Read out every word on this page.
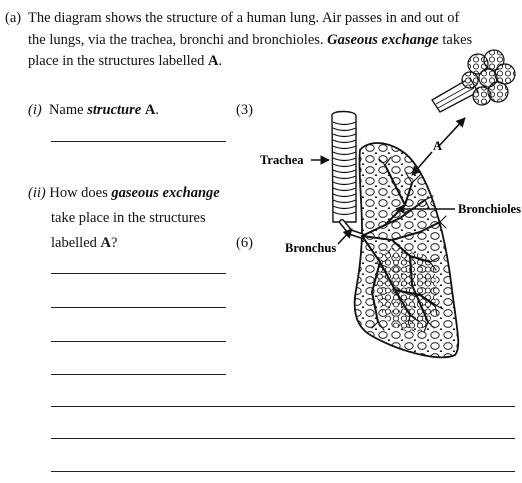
(a) The diagram shows the structure of a human lung. Air passes in and out of
the lungs, via the trachea, bronchi and bronchioles. Gaseous exchange takes
place in the structures labelled A.
(i) Name structure A.	(3)
(ii) How does gaseous exchange
take place in the structures
labelled A?	(6)
Trachea
A
Bronchioles
Bronchus
